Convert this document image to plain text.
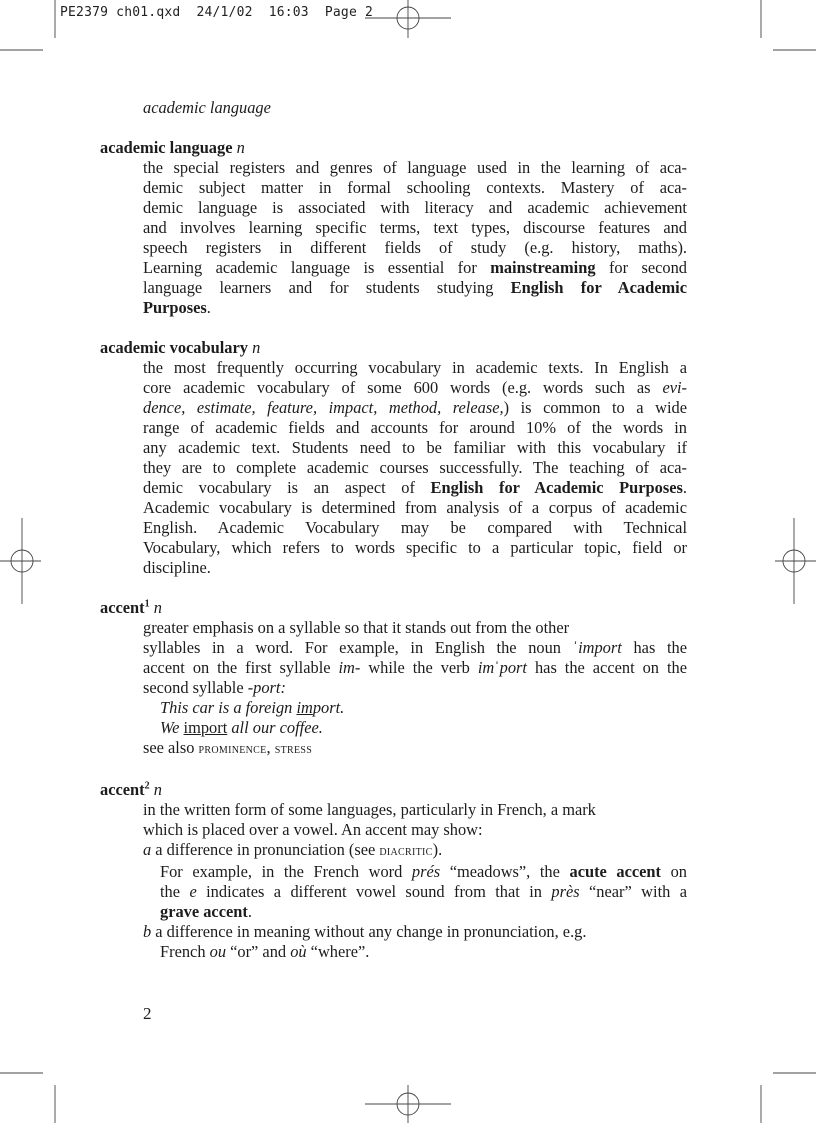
PE2379 ch01.qxd  24/1/02  16:03  Page 2
academic language
academic language n
the special registers and genres of language used in the learning of aca-
demic subject matter in formal schooling contexts. Mastery of aca-
demic language is associated with literacy and academic achievement
and involves learning specific terms, text types, discourse features and
speech registers in different fields of study (e.g. history, maths).
Learning academic language is essential for mainstreaming for second
language learners and for students studying English for Academic
Purposes.
academic vocabulary n
the most frequently occurring vocabulary in academic texts. In English a
core academic vocabulary of some 600 words (e.g. words such as evi-
dence, estimate, feature, impact, method, release,) is common to a wide
range of academic fields and accounts for around 10% of the words in
any academic text. Students need to be familiar with this vocabulary if
they are to complete academic courses successfully. The teaching of aca-
demic vocabulary is an aspect of English for Academic Purposes.
Academic vocabulary is determined from analysis of a corpus of academic
English. Academic Vocabulary may be compared with Technical
Vocabulary, which refers to words specific to a particular topic, field or
discipline.
accent$^1$ n
greater emphasis on a syllable so that it stands out from the other
syllables in a word. For example, in English the noun ˈimport has the
accent on the first syllable im- while the verb imˈport has the accent on the
second syllable -port:
This car is a foreign import.
We import all our coffee.
see also prominence, stress
accent$^2$ n
in the written form of some languages, particularly in French, a mark
which is placed over a vowel. An accent may show:
a a difference in pronunciation (see diacritic).
For example, in the French word prés “meadows”, the acute accent on
the e indicates a different vowel sound from that in près “near” with a
grave accent.
b a difference in meaning without any change in pronunciation, e.g.
French ou “or” and où “where”.
2
